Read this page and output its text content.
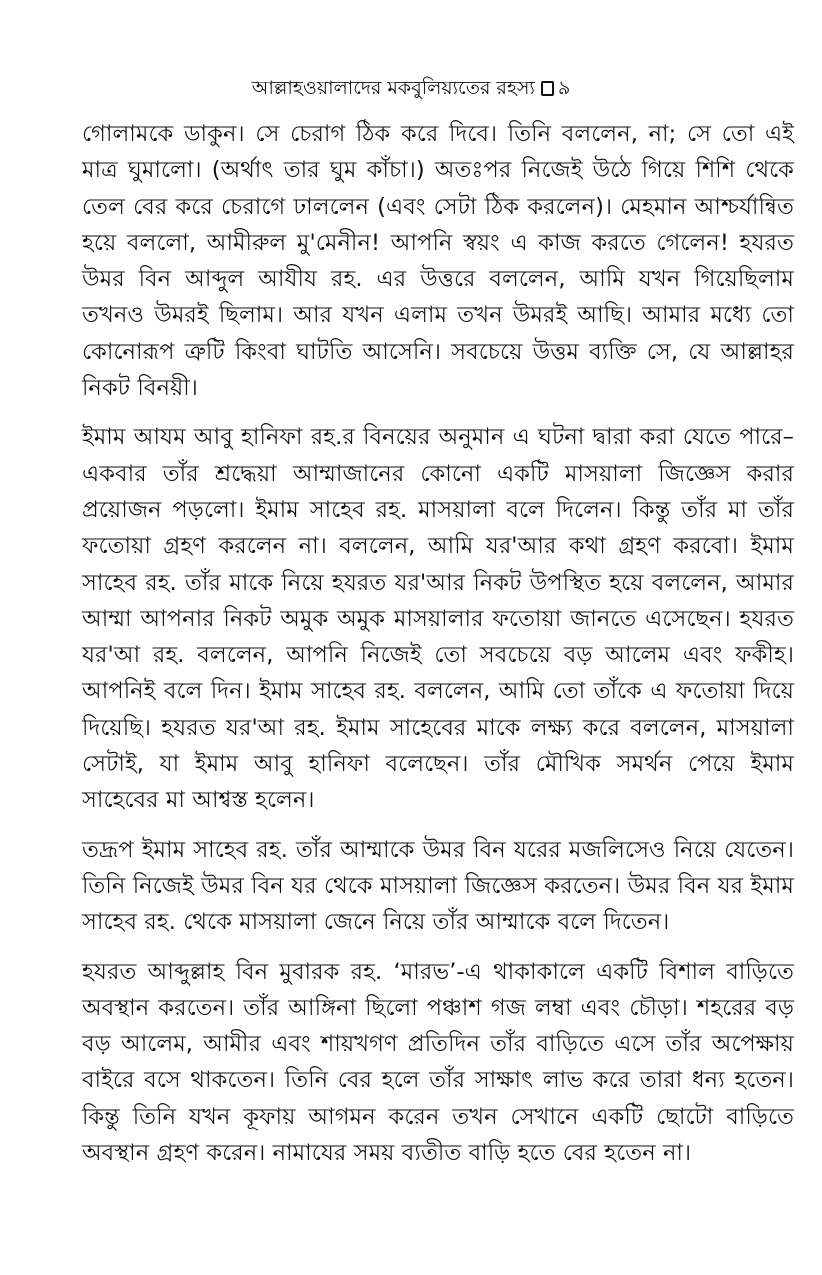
আল্লাহওয়ালাদের মকবুলিয়্যতের রহস্য ৯

গোলামকে ডাকুন। সে চেরাগ ঠিক করে দিবে। তিনি বললেন, না; সে তো এই মাত্র ঘুমালো। (অর্থাৎ তার ঘুম কাঁচা।) অতঃপর নিজেই উঠে গিয়ে শিশি থেকে তেল বের করে চেরাগে ঢাললেন (এবং সেটা ঠিক করলেন)। মেহমান আশ্চর্যান্বিত হয়ে বললো, আমীরুল মু'মেনীন! আপনি স্বয়ং এ কাজ করতে গেলেন! হযরত উমর বিন আব্দুল আযীয রহ. এর উত্তরে বললেন, আমি যখন গিয়েছিলাম তখনও উমরই ছিলাম। আর যখন এলাম তখন উমরই আছি। আমার মধ্যে তো কোনোরূপ ত্রুটি কিংবা ঘাটতি আসেনি। সবচেয়ে উত্তম ব্যক্তি সে, যে আল্লাহর নিকট বিনয়ী।

ইমাম আযম আবু হানিফা রহ.র বিনয়ের অনুমান এ ঘটনা দ্বারা করা যেতে পারে– একবার তাঁর শ্রদ্ধেয়া আম্মাজানের কোনো একটি মাসয়ালা জিজ্ঞেস করার প্রয়োজন পড়লো। ইমাম সাহেব রহ. মাসয়ালা বলে দিলেন। কিন্তু তাঁর মা তাঁর ফতোয়া গ্রহণ করলেন না। বললেন, আমি যর'আর কথা গ্রহণ করবো। ইমাম সাহেব রহ. তাঁর মাকে নিয়ে হযরত যর'আর নিকট উপস্থিত হয়ে বললেন, আমার আম্মা আপনার নিকট অমুক অমুক মাসয়ালার ফতোয়া জানতে এসেছেন। হযরত যর'আ রহ. বললেন, আপনি নিজেই তো সবচেয়ে বড় আলেম এবং ফকীহ। আপনিই বলে দিন। ইমাম সাহেব রহ. বললেন, আমি তো তাঁকে এ ফতোয়া দিয়ে দিয়েছি। হযরত যর'আ রহ. ইমাম সাহেবের মাকে লক্ষ্য করে বললেন, মাসয়ালা সেটাই, যা ইমাম আবু হানিফা বলেছেন। তাঁর মৌখিক সমর্থন পেয়ে ইমাম সাহেবের মা আশ্বস্ত হলেন।

তদ্রূপ ইমাম সাহেব রহ. তাঁর আম্মাকে উমর বিন যরের মজলিসেও নিয়ে যেতেন। তিনি নিজেই উমর বিন যর থেকে মাসয়ালা জিজ্ঞেস করতেন। উমর বিন যর ইমাম সাহেব রহ. থেকে মাসয়ালা জেনে নিয়ে তাঁর আম্মাকে বলে দিতেন।

হযরত আব্দুল্লাহ বিন মুবারক রহ. ‘মারভ’-এ থাকাকালে একটি বিশাল বাড়িতে অবস্থান করতেন। তাঁর আঙ্গিনা ছিলো পঞ্চাশ গজ লম্বা এবং চৌড়া। শহরের বড় বড় আলেম, আমীর এবং শায়খগণ প্রতিদিন তাঁর বাড়িতে এসে তাঁর অপেক্ষায় বাইরে বসে থাকতেন। তিনি বের হলে তাঁর সাক্ষাৎ লাভ করে তারা ধন্য হতেন। কিন্তু তিনি যখন কূফায় আগমন করেন তখন সেখানে একটি ছোটো বাড়িতে অবস্থান গ্রহণ করেন। নামাযের সময় ব্যতীত বাড়ি হতে বের হতেন না।
